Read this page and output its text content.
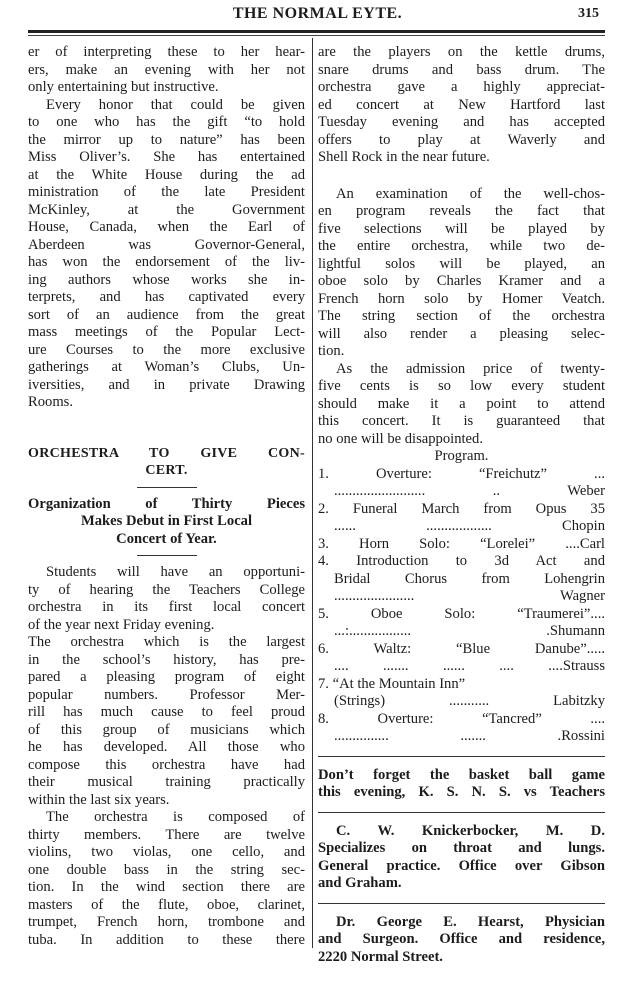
THE NORMAL EYTE.	315
er of interpreting these to her hear-
ers, make an evening with her not
only entertaining but instructive.
Every honor that could be given
to one who has the gift “to hold
the mirror up to nature” has been
Miss Oliver’s. She has entertained
at the White House during the ad
ministration of the late President
McKinley, at the Government
House, Canada, when the Earl of
Aberdeen was Governor-General,
has won the endorsement of the liv-
ing authors whose works she in-
terprets, and has captivated every
sort of an audience from the great
mass meetings of the Popular Lect-
ure Courses to the more exclusive
gatherings at Woman’s Clubs, Un-
iversities, and in private Drawing
Rooms.
ORCHESTRA TO GIVE CON-
CERT.
Organization of Thirty Pieces
Makes Debut in First Local
Concert of Year.
Students will have an opportuni-
ty of hearing the Teachers College
orchestra in its first local concert
of the year next Friday evening.
The orchestra which is the largest
in the school’s history, has pre-
pared a pleasing program of eight
popular numbers. Professor Mer-
rill has much cause to feel proud
of this group of musicians which
he has developed. All those who
compose this orchestra have had
their musical training practically
within the last six years.
The orchestra is composed of
thirty members. There are twelve
violins, two violas, one cello, and
one double bass in the string sec-
tion. In the wind section there are
masters of the flute, oboe, clarinet,
trumpet, French horn, trombone and
tuba. In addition to these there
are the players on the kettle drums,
snare drums and bass drum. The
orchestra gave a highly appreciat-
ed concert at New Hartford last
Tuesday evening and has accepted
offers to play at Waverly and
Shell Rock in the near future.
An examination of the well-chos-
en program reveals the fact that
five selections will be played by
the entire orchestra, while two de-
lightful solos will be played, an
oboe solo by Charles Kramer and a
French horn solo by Homer Veatch.
The string section of the orchestra
will also render a pleasing selec-
tion.
As the admission price of twenty-
five cents is so low every student
should make it a point to attend
this concert. It is guaranteed that
no one will be disappointed.
Program.
1. Overture: “Freichutz” ...
......................... .. Weber
2. Funeral March from Opus 35
...... .................. Chopin
3. Horn Solo: “Lorelei” ....Carl
4. Introduction to 3d Act and
Bridal Chorus from Lohengrin
...................... Wagner
5. Oboe Solo: “Traumerei”....
...:................. .Shumann
6. Waltz: “Blue Danube”.....
.... ....... ...... .... ....Strauss
7. “At the Mountain Inn”
(Strings) ........... Labitzky
8. Overture: “Tancred” ....
............... ....... .Rossini
Don’t forget the basket ball game
this evening, K. S. N. S. vs Teachers
C. W. Knickerbocker, M. D.
Specializes on throat and lungs.
General practice. Office over Gibson
and Graham.
Dr. George E. Hearst, Physician
and Surgeon. Office and residence,
2220 Normal Street.
